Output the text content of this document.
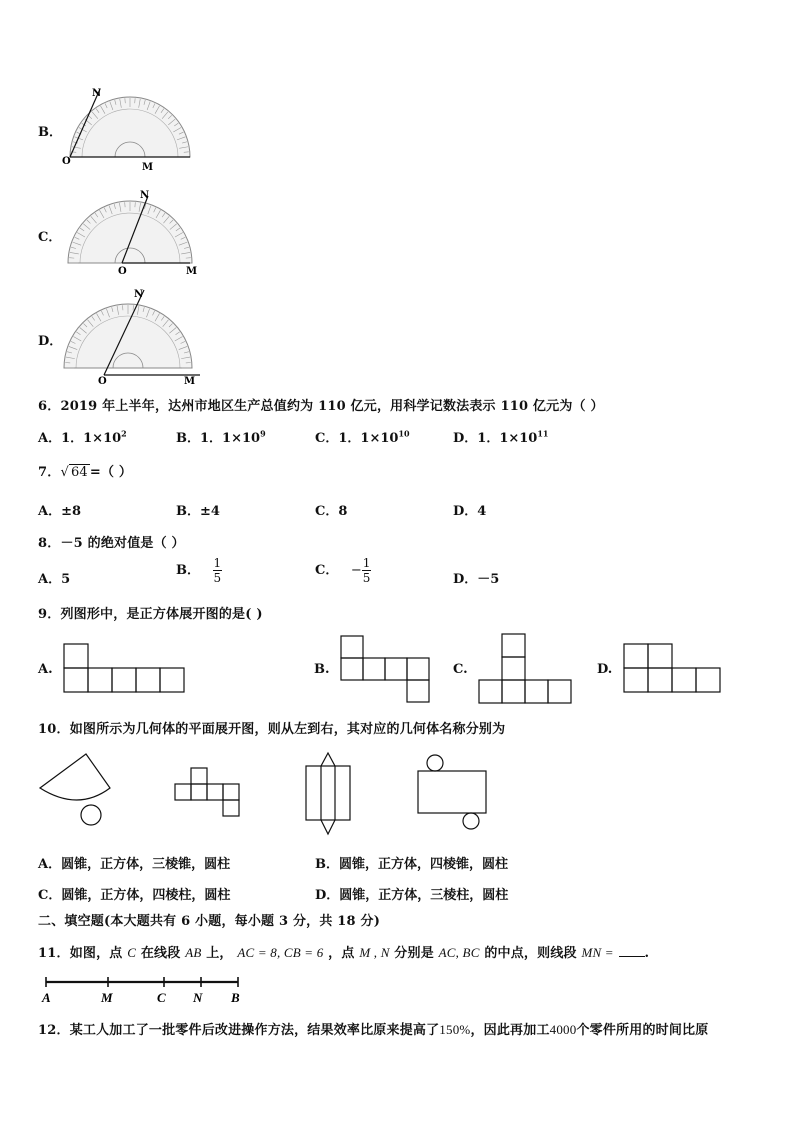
B．
N
O
M
C．
N
O	M
D．
N
O	M
6．2019 年上半年，达州市地区生产总值约为 110 亿元，用科学记数法表示 110 亿元为（ ）
A．1．$1\times 10^2$	B．1．$1\times 10^9$	C．1．$1\times 10^{10}$	D．1．$1\times 10^{11}$
7．√ 64 =（ ）
A．±8	B．±4	C．8	D．4
8．－5 的绝对值是（ ）
A．5
B． $\frac{1}{5}$	C． − $\frac{1}{5}$	D．－5
9．列图形中，是正方体展开图的是( )
A.	B.	C.	D.
10．如图所示为几何体的平面展开图，则从左到右，其对应的几何体名称分别为
A．圆锥，正方体，三棱锥，圆柱	B．圆锥，正方体，四棱锥，圆柱
C．圆锥，正方体，四棱柱，圆柱	D．圆锥，正方体，三棱柱，圆柱
二、填空题(本大题共有 6 小题，每小题 3 分，共 18 分)
11．如图，点 C 在线段 AB 上， AC = 8, CB = 6 ，点 M , N 分别是 AC, BC 的中点，则线段 MN = .
A	M	C N B
12．某工人加工了一批零件后改进操作方法，结果效率比原来提高了150%，因此再加工4000个零件所用的时间比原
